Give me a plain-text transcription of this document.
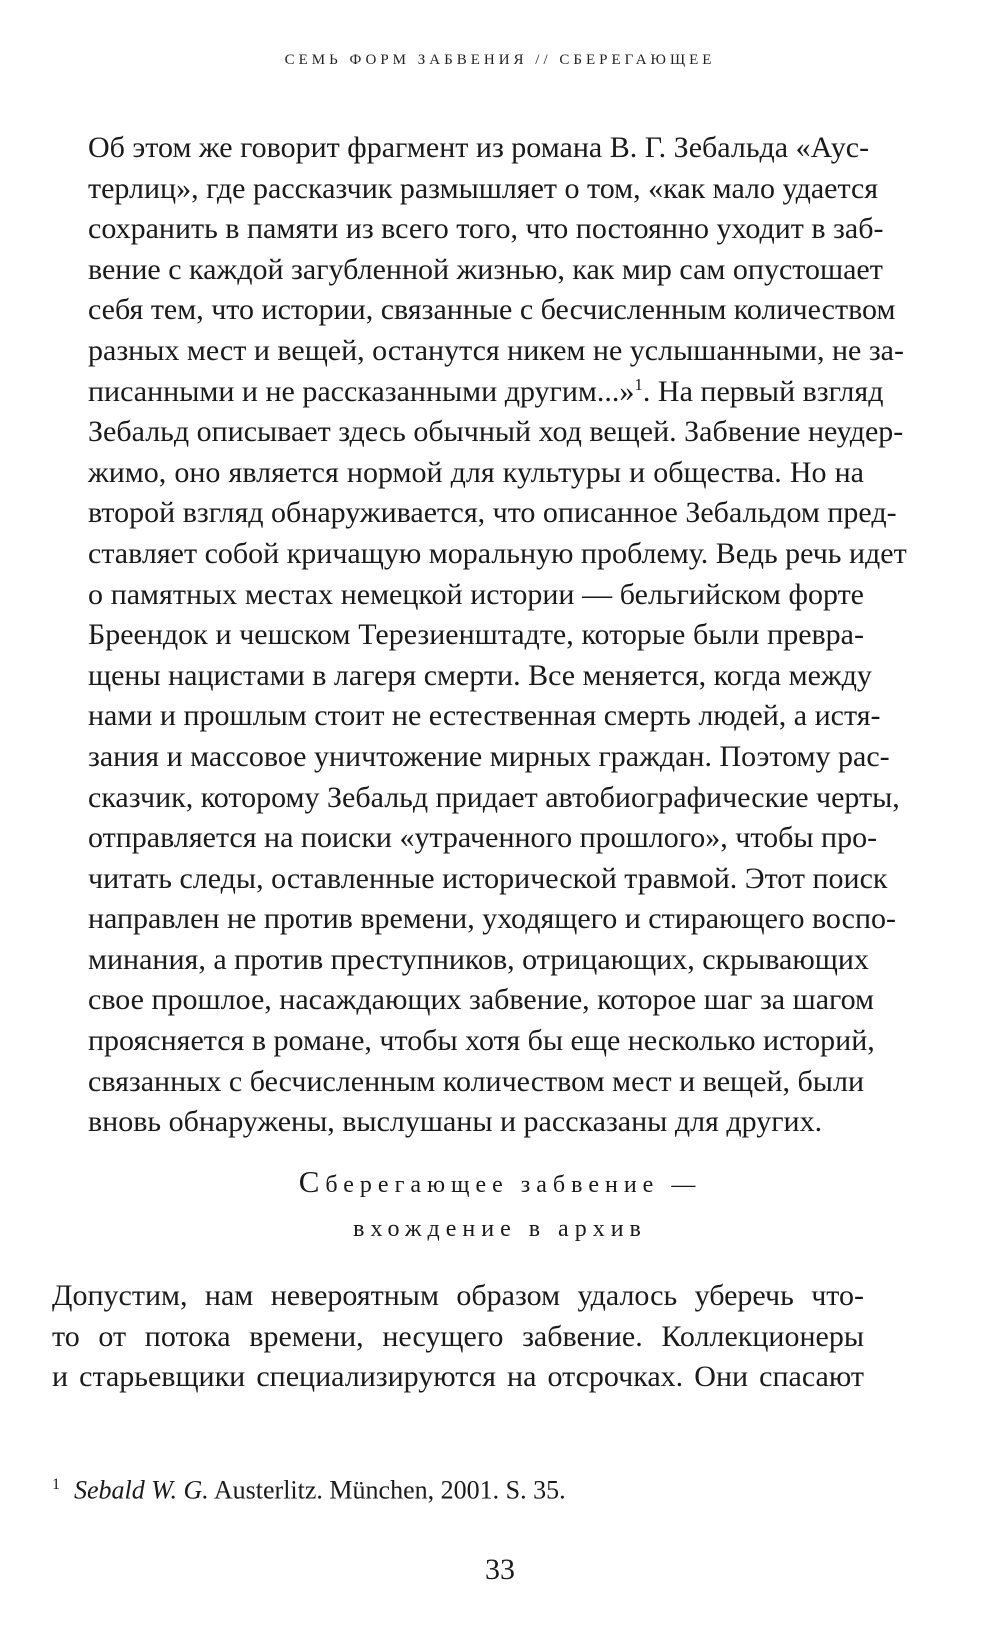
СЕМЬ ФОРМ ЗАБВЕНИЯ // СБЕРЕГАЮЩЕЕ
Об этом же говорит фрагмент из романа В. Г. Зебальда «Аус-
терлиц», где рассказчик размышляет о том, «как мало удается
сохранить в памяти из всего того, что постоянно уходит в заб-
вение с каждой загубленной жизнью, как мир сам опустошает
себя тем, что истории, связанные с бесчисленным количеством
разных мест и вещей, останутся никем не услышанными, не за-
писанными и не рассказанными другим...»$^1$. На первый взгляд
Зебальд описывает здесь обычный ход вещей. Забвение неудер-
жимо, оно является нормой для культуры и общества. Но на
второй взгляд обнаруживается, что описанное Зебальдом пред-
ставляет собой кричащую моральную проблему. Ведь речь идет
о памятных местах немецкой истории — бельгийском форте
Бреендок и чешском Терезиенштадте, которые были превра-
щены нацистами в лагеря смерти. Все меняется, когда между
нами и прошлым стоит не естественная смерть людей, а истя-
зания и массовое уничтожение мирных граждан. Поэтому рас-
сказчик, которому Зебальд придает автобиографические черты,
отправляется на поиски «утраченного прошлого», чтобы про-
читать следы, оставленные исторической травмой. Этот поиск
направлен не против времени, уходящего и стирающего воспо-
минания, а против преступников, отрицающих, скрывающих
свое прошлое, насаждающих забвение, которое шаг за шагом
проясняется в романе, чтобы хотя бы еще несколько историй,
связанных с бесчисленным количеством мест и вещей, были
вновь обнаружены, выслушаны и рассказаны для других.
Сберегающее забвение —
вхождение в архив
Допустим, нам невероятным образом удалось уберечь что-
то от потока времени, несущего забвение. Коллекционеры
и старьевщики специализируются на отсрочках. Они спасают
$^1$ Sebald W. G. Austerlitz. München, 2001. S. 35.
33
